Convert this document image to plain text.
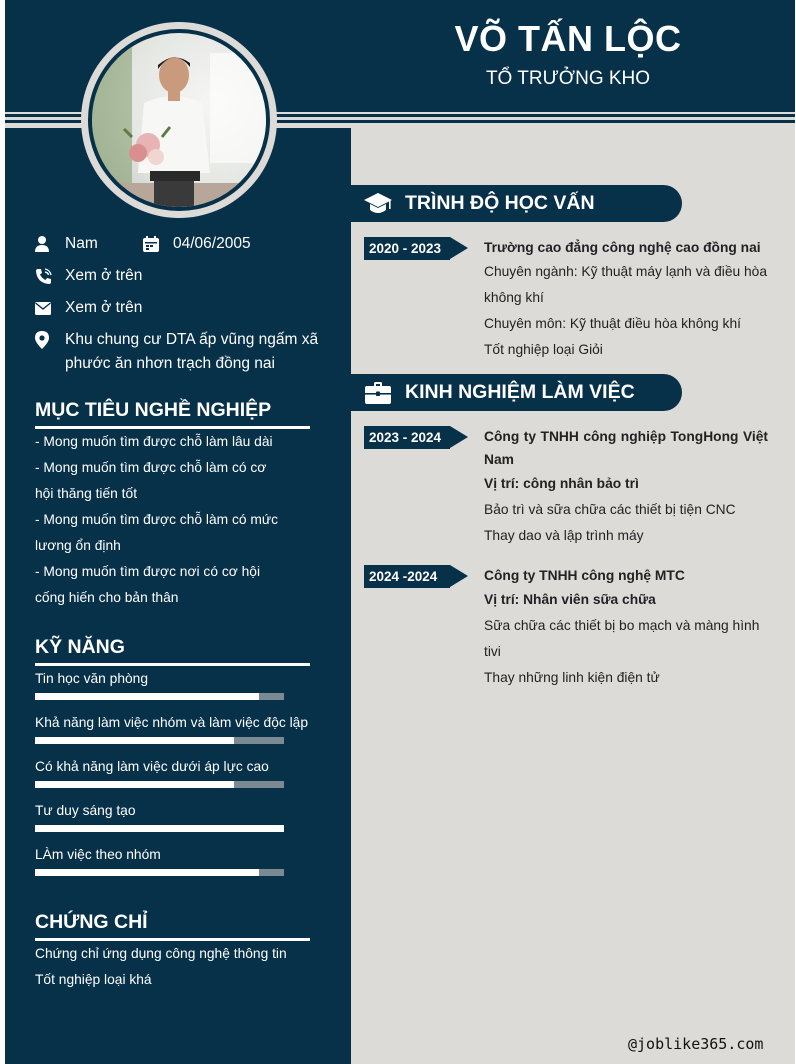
VÕ TẤN LỘC
TỔ TRƯỞNG KHO
Nam	04/06/2005
Xem ở trên
Xem ở trên
Khu chung cư DTA ấp vũng ngấm xã phước ăn nhơn trạch đồng nai
MỤC TIÊU NGHỀ NGHIỆP
- Mong muốn tìm được chỗ làm lâu dài
- Mong muốn tìm được chỗ làm có cơ
hội thăng tiến tốt
- Mong muốn tìm được chỗ làm có mức
lương ổn định
- Mong muốn tìm được nơi có cơ hội
cống hiến cho bản thân
KỸ NĂNG
Tin học văn phòng
Khả năng làm việc nhóm và làm việc độc lập
Có khả năng làm việc dưới áp lực cao
Tư duy sáng tạo
LÀm việc theo nhóm
CHỨNG CHỈ
Chứng chỉ ứng dụng công nghệ thông tin
Tốt nghiệp loại khá
TRÌNH ĐỘ HỌC VẤN
2020 - 2023	Trường cao đẳng công nghệ cao đồng nai
Chuyên ngành: Kỹ thuật máy lạnh và điều hòa
không khí
Chuyên môn: Kỹ thuật điều hòa không khí
Tốt nghiệp loại Giỏi
KINH NGHIỆM LÀM VIỆC
2023 - 2024	Công ty TNHH công nghiệp TongHong Việt Nam
Vị trí: công nhân bảo trì
Bảo trì và sữa chữa các thiết bị tiện CNC
Thay dao và lập trình máy
2024 -2024	Công ty TNHH công nghệ MTC
Vị trí: Nhân viên sữa chữa
Sữa chữa các thiết bị bo mạch và màng hình
tivi
Thay những linh kiện điện tử
@joblike365.com
